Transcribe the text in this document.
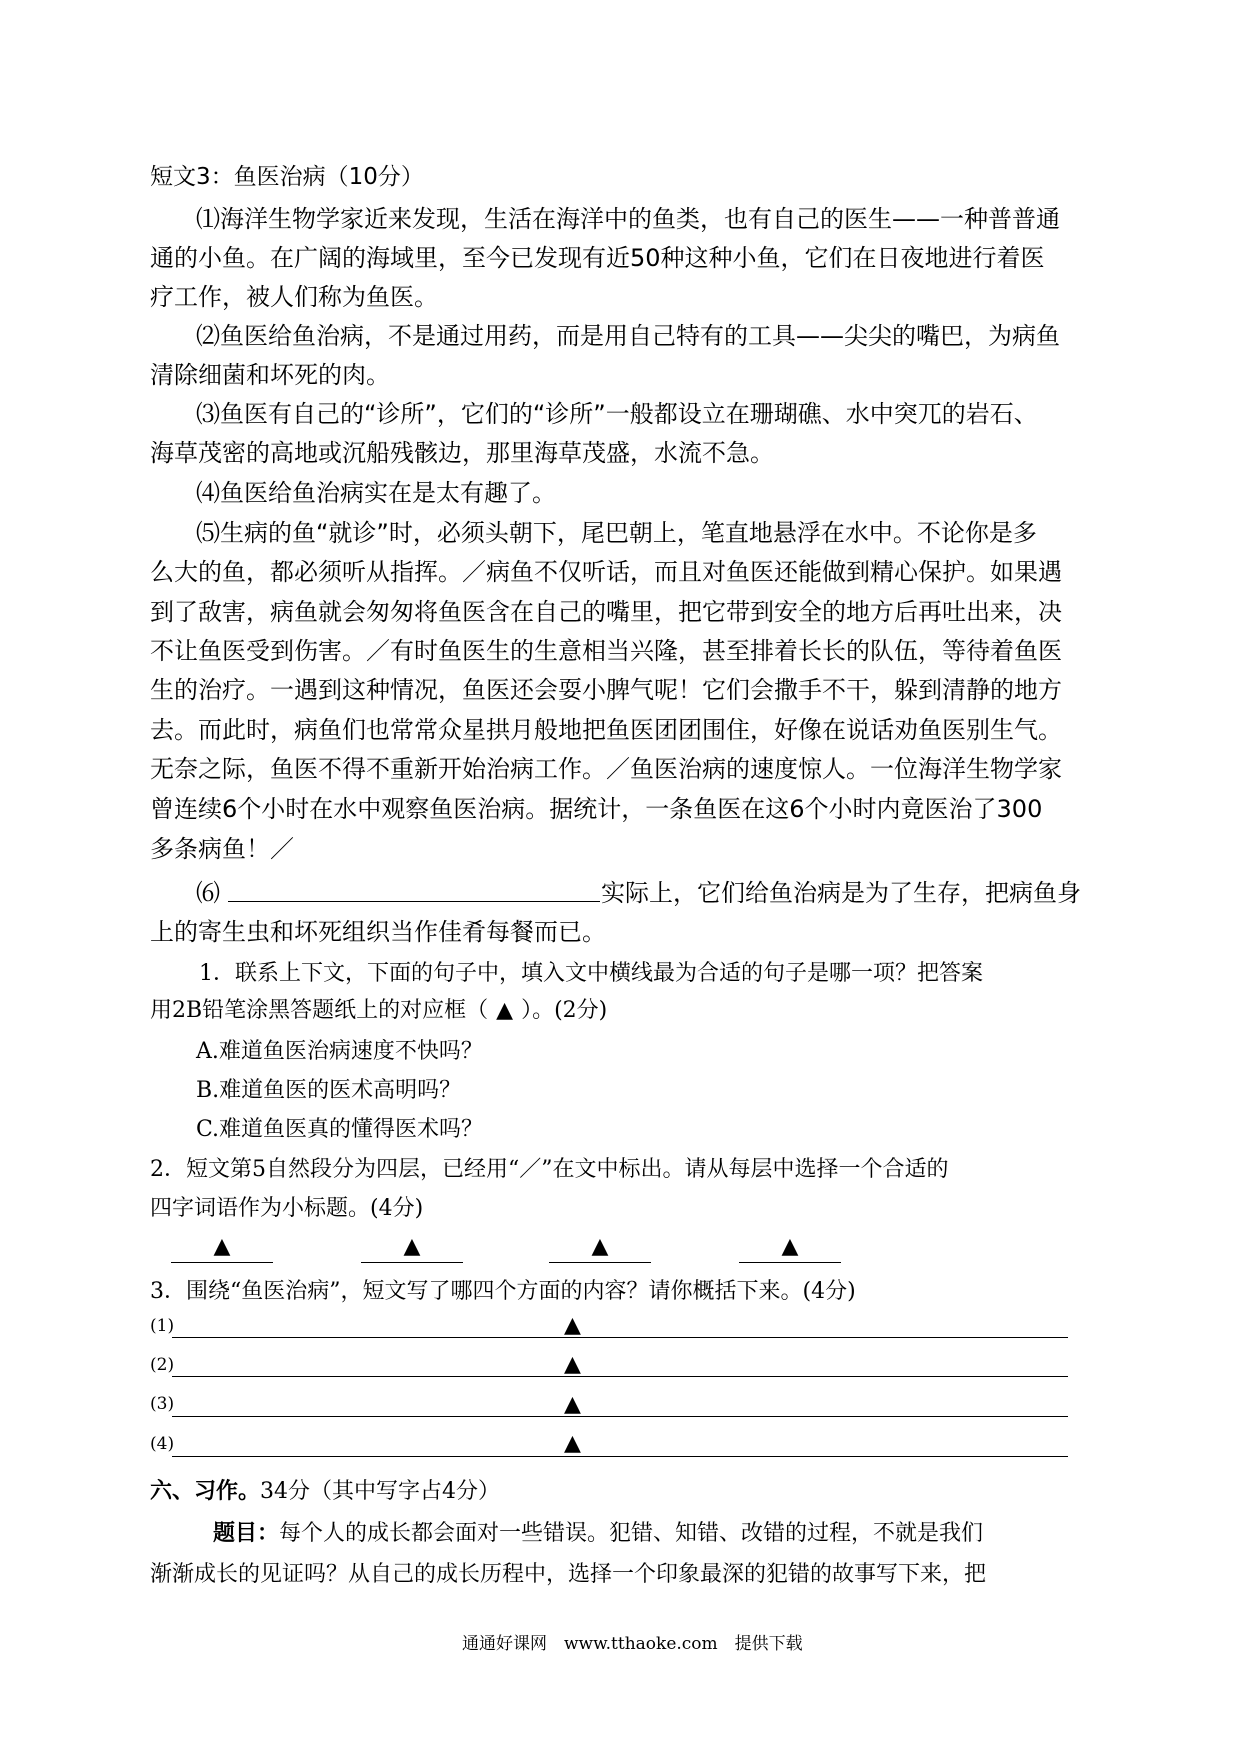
短文3：鱼医治病（10分）
⑴海洋生物学家近来发现，生活在海洋中的鱼类，也有自己的医生——一种普普通
通的小鱼。在广阔的海域里，至今已发现有近50种这种小鱼，它们在日夜地进行着医
疗工作，被人们称为鱼医。
⑵鱼医给鱼治病，不是通过用药，而是用自己特有的工具——尖尖的嘴巴，为病鱼
清除细菌和坏死的肉。
⑶鱼医有自己的“诊所”，它们的“诊所”一般都设立在珊瑚礁、水中突兀的岩石、
海草茂密的高地或沉船残骸边，那里海草茂盛，水流不急。
⑷鱼医给鱼治病实在是太有趣了。
⑸生病的鱼“就诊”时，必须头朝下，尾巴朝上，笔直地悬浮在水中。不论你是多
么大的鱼，都必须听从指挥。／病鱼不仅听话，而且对鱼医还能做到精心保护。如果遇
到了敌害，病鱼就会匆匆将鱼医含在自己的嘴里，把它带到安全的地方后再吐出来，决
不让鱼医受到伤害。／有时鱼医生的生意相当兴隆，甚至排着长长的队伍，等待着鱼医
生的治疗。一遇到这种情况，鱼医还会耍小脾气呢！它们会撒手不干，躲到清静的地方
去。而此时，病鱼们也常常众星拱月般地把鱼医团团围住，好像在说话劝鱼医别生气。
无奈之际，鱼医不得不重新开始治病工作。／鱼医治病的速度惊人。一位海洋生物学家
曾连续6个小时在水中观察鱼医治病。据统计，一条鱼医在这6个小时内竟医治了300
多条病鱼！／
⑹	实际上，它们给鱼治病是为了生存，把病鱼身
上的寄生虫和坏死组织当作佳肴每餐而已。
1．联系上下文，下面的句子中，填入文中横线最为合适的句子是哪一项？把答案
用2B铅笔涂黑答题纸上的对应框（ ▲ ）。(2分)
A.难道鱼医治病速度不快吗？
B.难道鱼医的医术高明吗？
C.难道鱼医真的懂得医术吗？
2．短文第5自然段分为四层，已经用“／”在文中标出。请从每层中选择一个合适的
四字词语作为小标题。(4分)
▲	▲	▲	▲
3．围绕“鱼医治病”，短文写了哪四个方面的内容？请你概括下来。(4分)
(1)	▲
(2)	▲
(3)	▲
(4)	▲
六、习作。34分（其中写字占4分）
题目：每个人的成长都会面对一些错误。犯错、知错、改错的过程，不就是我们
渐渐成长的见证吗？从自己的成长历程中，选择一个印象最深的犯错的故事写下来，把
通通好课网　www.tthaoke.com　提供下载
